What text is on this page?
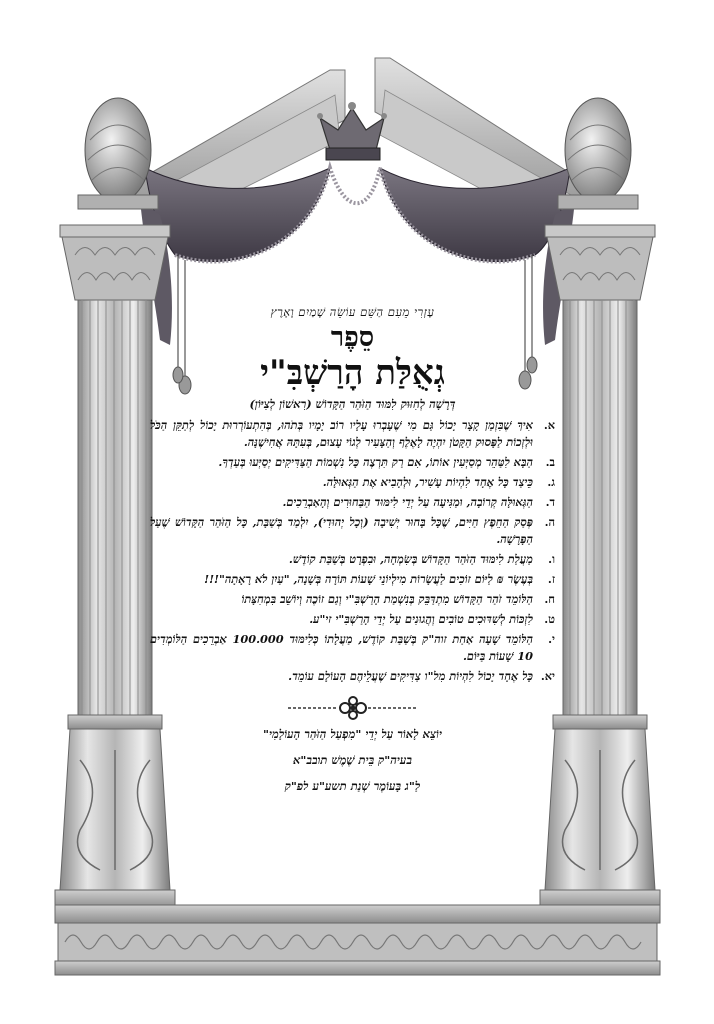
עֶזְרִי מֵעִם הַשֵּׁם עוֹשֵׂה שָׁמַיִם וָאָרֶץ

סֵפֶר

גְאֻלַּת הָרַשְׁבִּ"י

דְּרָשָׁה לְחִזּוּק לִמּוּד הַזֹּהַר הַקָּדוֹשׁ (רִאשׁוֹן לְצִיּוֹן)

א.
אִיךְ שֶׁבִּזְמַן קָצָר יָכוֹל גַּם מִי שֶׁעָבְרוּ עָלָיו רוֹב יָמָיו בְּתֹהוּ, בְּהִתְעוֹרְרוּת יָכוֹל לְתַקֵּן הַכֹּל וּלְזְכוֹת לַפָּסוּק הַקָּטֹן יִהְיֶה לָאֶלֶף וְהַצָּעִיר לְגוֹי עָצוּם, בְּעִתָּהּ אֲחִישֶׁנָּה.
ב.
הַבָּא לִטַּהֵר מְסַיְּעִין אוֹתוֹ, אִם רַק תִּרְצֶה כָּל נִשְׁמוֹת הַצַּדִּיקִים יְסַיְּעוּ בְּעַדְךָ.
ג.
כֵּיצַד כָּל אֶחָד לִהְיוֹת עָשִׁיר, וּלְהָבִיא אֶת הַגְּאוּלָּה.
ד.
הַגְּאוּלָּה קְרוֹבָה, וּמַגִּיעָה עַל יְדֵי לִימּוּד הַבַּחוּרִים וְהָאַבְרֵכִים.
ה.
פְּסַק הַחֵפֶץ חַיִּים, שֶׁכָּל בָּחוּר יְשִׁיבָה (וְכָל יְהוּדִי), יִלְמַד בְּשַׁבָּת, כָּל הַזֹּהַר הַקָּדוֹשׁ שֶׁעַל הַפָּרָשָׁה.
ו.
מַעֲלַת לִימּוּד הַזֹּהַר הַקָּדוֹשׁ בְּשִׂמְחָה, וּבִפְרָט בְּשַׁבַּת קוֹדֶשׁ.
ז.
בְּעֶשֶׂר ₪ לַיּוֹם זוֹכִים לַעֲשָׂרוֹת מִילְיוֹנֵי שָׁעוֹת תּוֹרָה בְּשָׁנָה, "עַיִן לֹא רָאָתָה"!!!
ח.
הַלּוֹמֵד זֹהַר הַקָּדוֹשׁ מִתְדַּבֵּק בְּנִשְׁמַת הָרַשְׁבִּ"י וְגַם זוֹכֶה וְיוֹשֵׁב בִּמְחִצָּתוֹ
ט.
לִזְכּוֹת לְשִׁדּוּכִים טוֹבִים וְהֲגוּנִים עַל יְדֵי הָרַשְׁבִּ"י זי"ע.
י.
הַלּוֹמֵד שָׁעָה אַחַת זוה"ק בְּשַׁבַּת קוֹדֶשׁ, מַעֲלָתוֹ כְּלִימּוּד 100.000 אַבְרֵכִים הַלּוֹמְדִים 10 שָׁעוֹת בַּיּוֹם.
יא.
כָּל אֶחָד יָכוֹל לִהְיוֹת מִל"ו צַדִּיקִים שֶׁעֲלֵיהֶם הָעוֹלָם עוֹמֵד.

יוֹצֵא לָאוֹר עַל יְדֵי "מִפְעַל הַזֹּהַר הָעוֹלָמִי"

בעיה"ק בֵּית שֶׁמֶשׁ תובב"א

לַ"ג בָּעוֹמֶר שְׁנַת תשע"ע לפ"ק
